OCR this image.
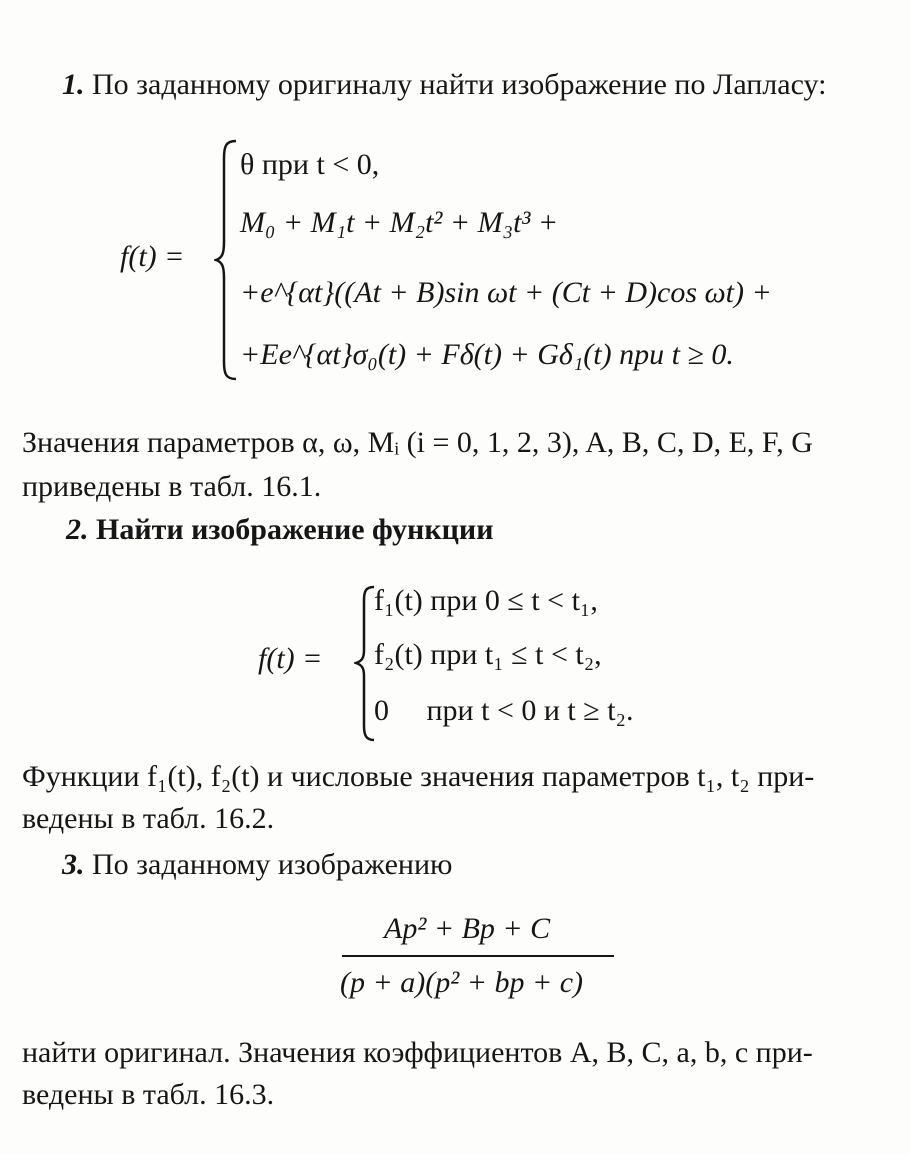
1. По заданному оригиналу найти изображение по Лапласу:
f(t) =
θ при t < 0,
M₀ + M₁t + M₂t² + M₃t³ +
+e^{αt}((At + B)sin ωt + (Ct + D)cos ωt) +
+Ee^{αt}σ₀(t) + Fδ(t) + Gδ₁(t) при t ≥ 0.
Значения параметров α, ω, Mᵢ (i = 0, 1, 2, 3), A, B, C, D, E, F, G
приведены в табл. 16.1.
2. Найти изображение функции
f(t) =
f₁(t) при 0 ≤ t < t₁,
f₂(t) при t₁ ≤ t < t₂,
0     при t < 0 и t ≥ t₂.
Функции f₁(t), f₂(t) и числовые значения параметров t₁, t₂ при-
ведены в табл. 16.2.
3. По заданному изображению
Ap² + Bp + C
(p + a)(p² + bp + c)
найти оригинал. Значения коэффициентов A, B, C, a, b, c при-
ведены в табл. 16.3.
